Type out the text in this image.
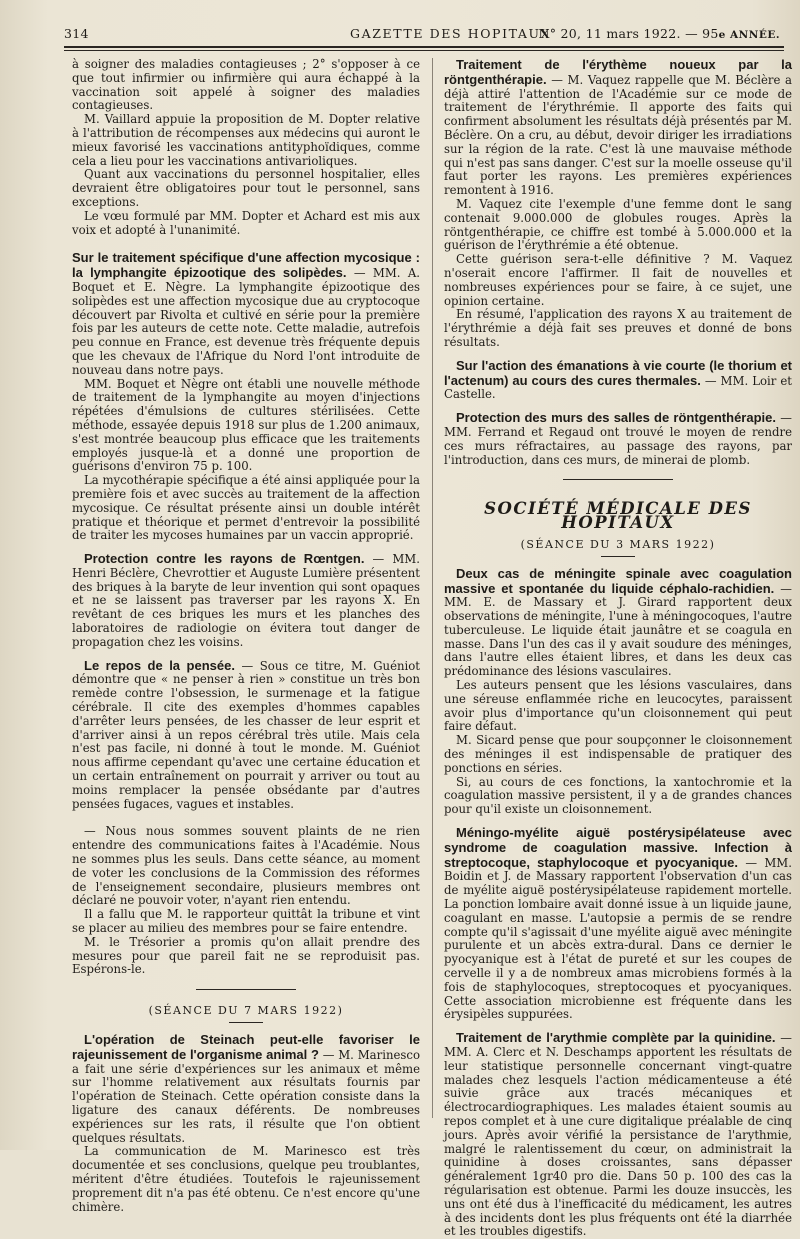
314	GAZETTE DES HOPITAUX
N° 20, 11 mars 1922. — 95e ANNÉE.

à soigner des maladies contagieuses ; 2° s'opposer à ce que tout infirmier ou infirmière qui aura échappé à la vaccination soit appelé à soigner des maladies contagieuses.

M. Vaillard appuie la proposition de M. Dopter relative à l'attribution de récompenses aux médecins qui auront le mieux favorisé les vaccinations antityphoïdiques, comme cela a lieu pour les vaccinations antivarioliques.

Quant aux vaccinations du personnel hospitalier, elles devraient être obligatoires pour tout le personnel, sans exceptions.

Le vœu formulé par MM. Dopter et Achard est mis aux voix et adopté à l'unanimité.

Sur le traitement spécifique d'une affection mycosique : la lymphangite épizootique des solipèdes. — MM. A. Boquet et E. Nègre. La lymphangite épizootique des solipèdes est une affection mycosique due au cryptocoque découvert par Rivolta et cultivé en série pour la première fois par les auteurs de cette note. Cette maladie, autrefois peu connue en France, est devenue très fréquente depuis que les chevaux de l'Afrique du Nord l'ont introduite de nouveau dans notre pays.

MM. Boquet et Nègre ont établi une nouvelle méthode de traitement de la lymphangite au moyen d'injections répétées d'émulsions de cultures stérilisées. Cette méthode, essayée depuis 1918 sur plus de 1.200 animaux, s'est montrée beaucoup plus efficace que les traitements employés jusque-là et a donné une proportion de guérisons d'environ 75 p. 100.

La mycothérapie spécifique a été ainsi appliquée pour la première fois et avec succès au traitement de la affection mycosique. Ce résultat présente ainsi un double intérêt pratique et théorique et permet d'entrevoir la possibilité de traiter les mycoses humaines par un vaccin approprié.

Protection contre les rayons de Rœntgen. — MM. Henri Béclère, Chevrottier et Auguste Lumière présentent des briques à la baryte de leur invention qui sont opaques et ne se laissent pas traverser par les rayons X. En revêtant de ces briques les murs et les planches des laboratoires de radiologie on évitera tout danger de propagation chez les voisins.

Le repos de la pensée. — Sous ce titre, M. Guéniot démontre que « ne penser à rien » constitue un très bon remède contre l'obsession, le surmenage et la fatigue cérébrale. Il cite des exemples d'hommes capables d'arrêter leurs pensées, de les chasser de leur esprit et d'arriver ainsi à un repos cérébral très utile. Mais cela n'est pas facile, ni donné à tout le monde. M. Guéniot nous affirme cependant qu'avec une certaine éducation et un certain entraînement on pourrait y arriver ou tout au moins remplacer la pensée obsédante par d'autres pensées fugaces, vagues et instables.

— Nous nous sommes souvent plaints de ne rien entendre des communications faites à l'Académie. Nous ne sommes plus les seuls. Dans cette séance, au moment de voter les conclusions de la Commission des réformes de l'enseignement secondaire, plusieurs membres ont déclaré ne pouvoir voter, n'ayant rien entendu.

Il a fallu que M. le rapporteur quittât la tribune et vint se placer au milieu des membres pour se faire entendre.

M. le Trésorier a promis qu'on allait prendre des mesures pour que pareil fait ne se reproduisit pas. Espérons-le.

(SÉANCE DU 7 MARS 1922)

L'opération de Steinach peut-elle favoriser le rajeunissement de l'organisme animal ? — M. Marinesco a fait une série d'expériences sur les animaux et même sur l'homme relativement aux résultats fournis par l'opération de Steinach. Cette opération consiste dans la ligature des canaux déférents. De nombreuses expériences sur les rats, il résulte que l'on obtient quelques résultats.

La communication de M. Marinesco est très documentée et ses conclusions, quelque peu troublantes, méritent d'être étudiées. Toutefois le rajeunissement proprement dit n'a pas été obtenu. Ce n'est encore qu'une chimère.

Traitement de l'érythème noueux par la röntgenthérapie. — M. Vaquez rappelle que M. Béclère a déjà attiré l'attention de l'Académie sur ce mode de traitement de l'érythrémie. Il apporte des faits qui confirment absolument les résultats déjà présentés par M. Béclère. On a cru, au début, devoir diriger les irradiations sur la région de la rate. C'est là une mauvaise méthode qui n'est pas sans danger. C'est sur la moelle osseuse qu'il faut porter les rayons. Les premières expériences remontent à 1916.

M. Vaquez cite l'exemple d'une femme dont le sang contenait 9.000.000 de globules rouges. Après la röntgenthérapie, ce chiffre est tombé à 5.000.000 et la guérison de l'érythrémie a été obtenue.

Cette guérison sera-t-elle définitive ? M. Vaquez n'oserait encore l'affirmer. Il fait de nouvelles et nombreuses expériences pour se faire, à ce sujet, une opinion certaine.

En résumé, l'application des rayons X au traitement de l'érythrémie a déjà fait ses preuves et donné de bons résultats.

Sur l'action des émanations à vie courte (le thorium et l'actenum) au cours des cures thermales. — MM. Loir et Castelle.

Protection des murs des salles de röntgenthérapie. — MM. Ferrand et Regaud ont trouvé le moyen de rendre ces murs réfractaires, au passage des rayons, par l'introduction, dans ces murs, de minerai de plomb.

SOCIÉTÉ MÉDICALE DES HOPITAUX
(SÉANCE DU 3 MARS 1922)

Deux cas de méningite spinale avec coagulation massive et spontanée du liquide céphalo-rachidien. — MM. E. de Massary et J. Girard rapportent deux observations de méningite, l'une à méningocoques, l'autre tuberculeuse. Le liquide était jaunâtre et se coagula en masse. Dans l'un des cas il y avait soudure des méninges, dans l'autre elles étaient libres, et dans les deux cas prédominance des lésions vasculaires.

Les auteurs pensent que les lésions vasculaires, dans une séreuse enflammée riche en leucocytes, paraissent avoir plus d'importance qu'un cloisonnement qui peut faire défaut.

M. Sicard pense que pour soupçonner le cloisonnement des méninges il est indispensable de pratiquer des ponctions en séries.

Si, au cours de ces fonctions, la xantochromie et la coagulation massive persistent, il y a de grandes chances pour qu'il existe un cloisonnement.

Méningo-myélite aiguë postérysipélateuse avec syndrome de coagulation massive. Infection à streptocoque, staphylocoque et pyocyanique. — MM. Boidin et J. de Massary rapportent l'observation d'un cas de myélite aiguë postérysipélateuse rapidement mortelle. La ponction lombaire avait donné issue à un liquide jaune, coagulant en masse. L'autopsie a permis de se rendre compte qu'il s'agissait d'une myélite aiguë avec méningite purulente et un abcès extra-dural. Dans ce dernier le pyocyanique est à l'état de pureté et sur les coupes de cervelle il y a de nombreux amas microbiens formés à la fois de staphylocoques, streptocoques et pyocyaniques. Cette association microbienne est fréquente dans les érysipèles suppurées.

Traitement de l'arythmie complète par la quinidine. — MM. A. Clerc et N. Deschamps apportent les résultats de leur statistique personnelle concernant vingt-quatre malades chez lesquels l'action médicamenteuse a été suivie grâce aux tracés mécaniques et électrocardiographiques. Les malades étaient soumis au repos complet et à une cure digitalique préalable de cinq jours. Après avoir vérifié la persistance de l'arythmie, malgré le ralentissement du cœur, on administrait la quinidine à doses croissantes, sans dépasser généralement 1gr40 pro die. Dans 50 p. 100 des cas la régularisation est obtenue. Parmi les douze insuccès, les uns ont été dus à l'inefficacité du médicament, les autres à des incidents dont les plus fréquents ont été la diarrhée et les troubles digestifs.
